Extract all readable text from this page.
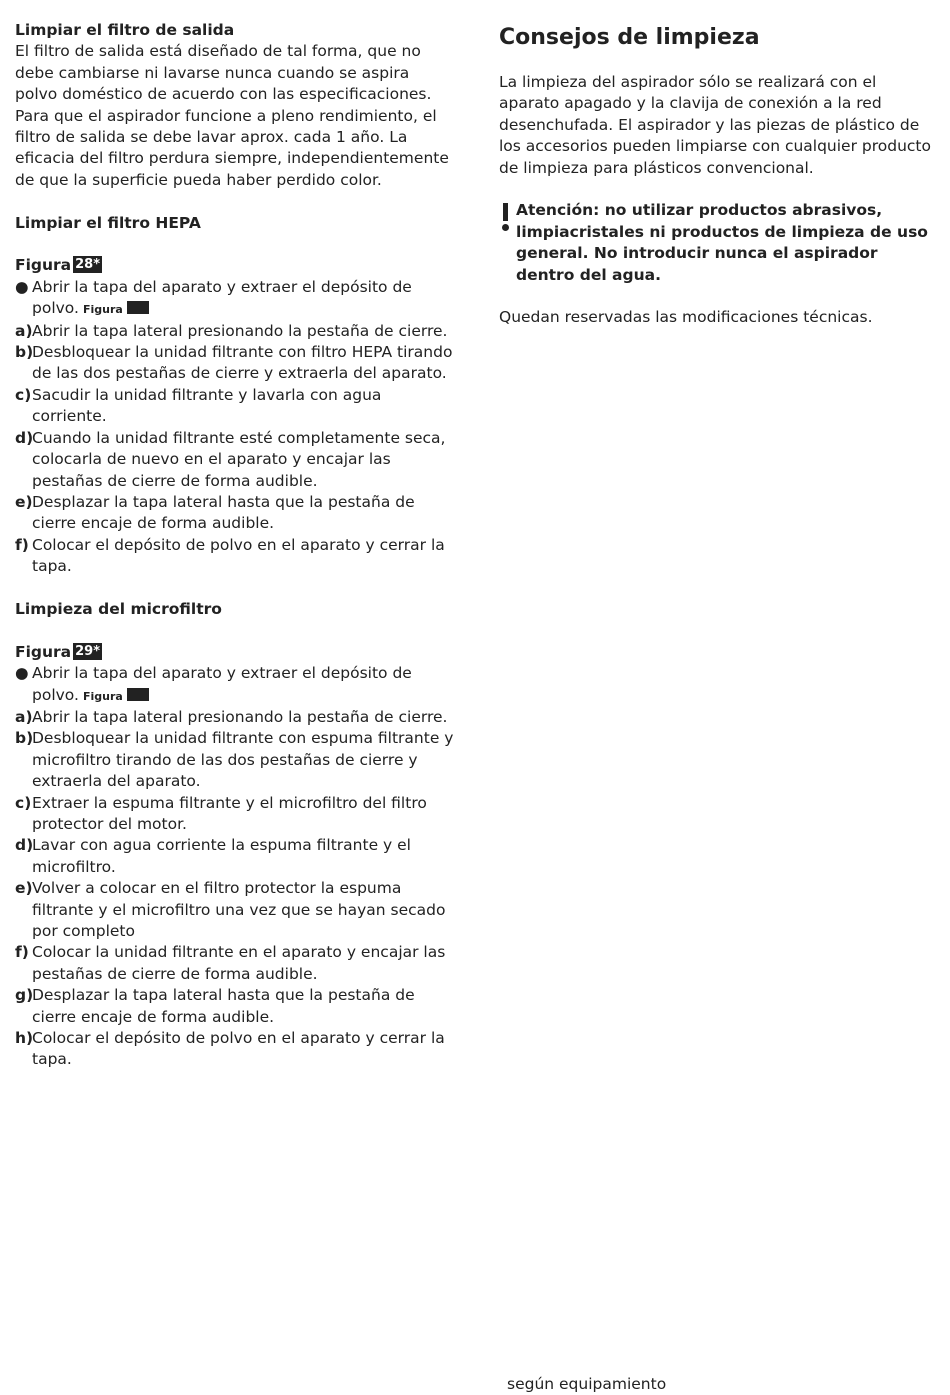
Limpiar el filtro de salida

El filtro de salida está diseñado de tal forma, que no debe cambiarse ni lavarse nunca cuando se aspira polvo doméstico de acuerdo con las especificaciones. Para que el aspirador funcione a pleno rendimiento, el filtro de salida se debe lavar aprox. cada 1 año. La eficacia del filtro perdura siempre, independientemente de que la superficie pueda haber perdido color.

Limpiar el filtro HEPA
Figura 28*
● Abrir la tapa del aparato y extraer el depósito de polvo. Figura
a) Abrir la tapa lateral presionando la pestaña de cierre.
b)
Desbloquear la unidad filtrante con filtro HEPA tirando de las dos pestañas de cierre y extraerla del aparato.
c) Sacudir la unidad filtrante y lavarla con agua corriente.
d)
Cuando la unidad filtrante esté completamente seca, colocarla de nuevo en el aparato y encajar las pestañas de cierre de forma audible.
e) Desplazar la tapa lateral hasta que la pestaña de cierre encaje de forma audible.
f) Colocar el depósito de polvo en el aparato y cerrar la tapa.
Limpieza del microfiltro
Figura 29*
● Abrir la tapa del aparato y extraer el depósito de polvo. Figura
a) Abrir la tapa lateral presionando la pestaña de cierre.
b)
Desbloquear la unidad filtrante con espuma filtrante y microfiltro tirando de las dos pestañas de cierre y extraerla del aparato.
c) Extraer la espuma filtrante y el microfiltro del filtro protector del motor.
d)
Lavar con agua corriente la espuma filtrante y el microfiltro.
e) Volver a colocar en el filtro protector la espuma filtrante y el microfiltro una vez que se hayan secado por completo
f) Colocar la unidad filtrante en el aparato y encajar las pestañas de cierre de forma audible.
g)
Desplazar la tapa lateral hasta que la pestaña de cierre encaje de forma audible.
h)
Colocar el depósito de polvo en el aparato y cerrar la tapa.
Consejos de limpieza

La limpieza del aspirador sólo se realizará con el aparato apagado y la clavija de conexión a la red desenchufada. El aspirador y las piezas de plástico de los accesorios pueden limpiarse con cualquier producto de limpieza para plásticos convencional.

Atención: no utilizar productos abrasivos, limpiacristales ni productos de limpieza de uso general. No introducir nunca el aspirador dentro del agua.

Quedan reservadas las modificaciones técnicas.

según equipamiento
